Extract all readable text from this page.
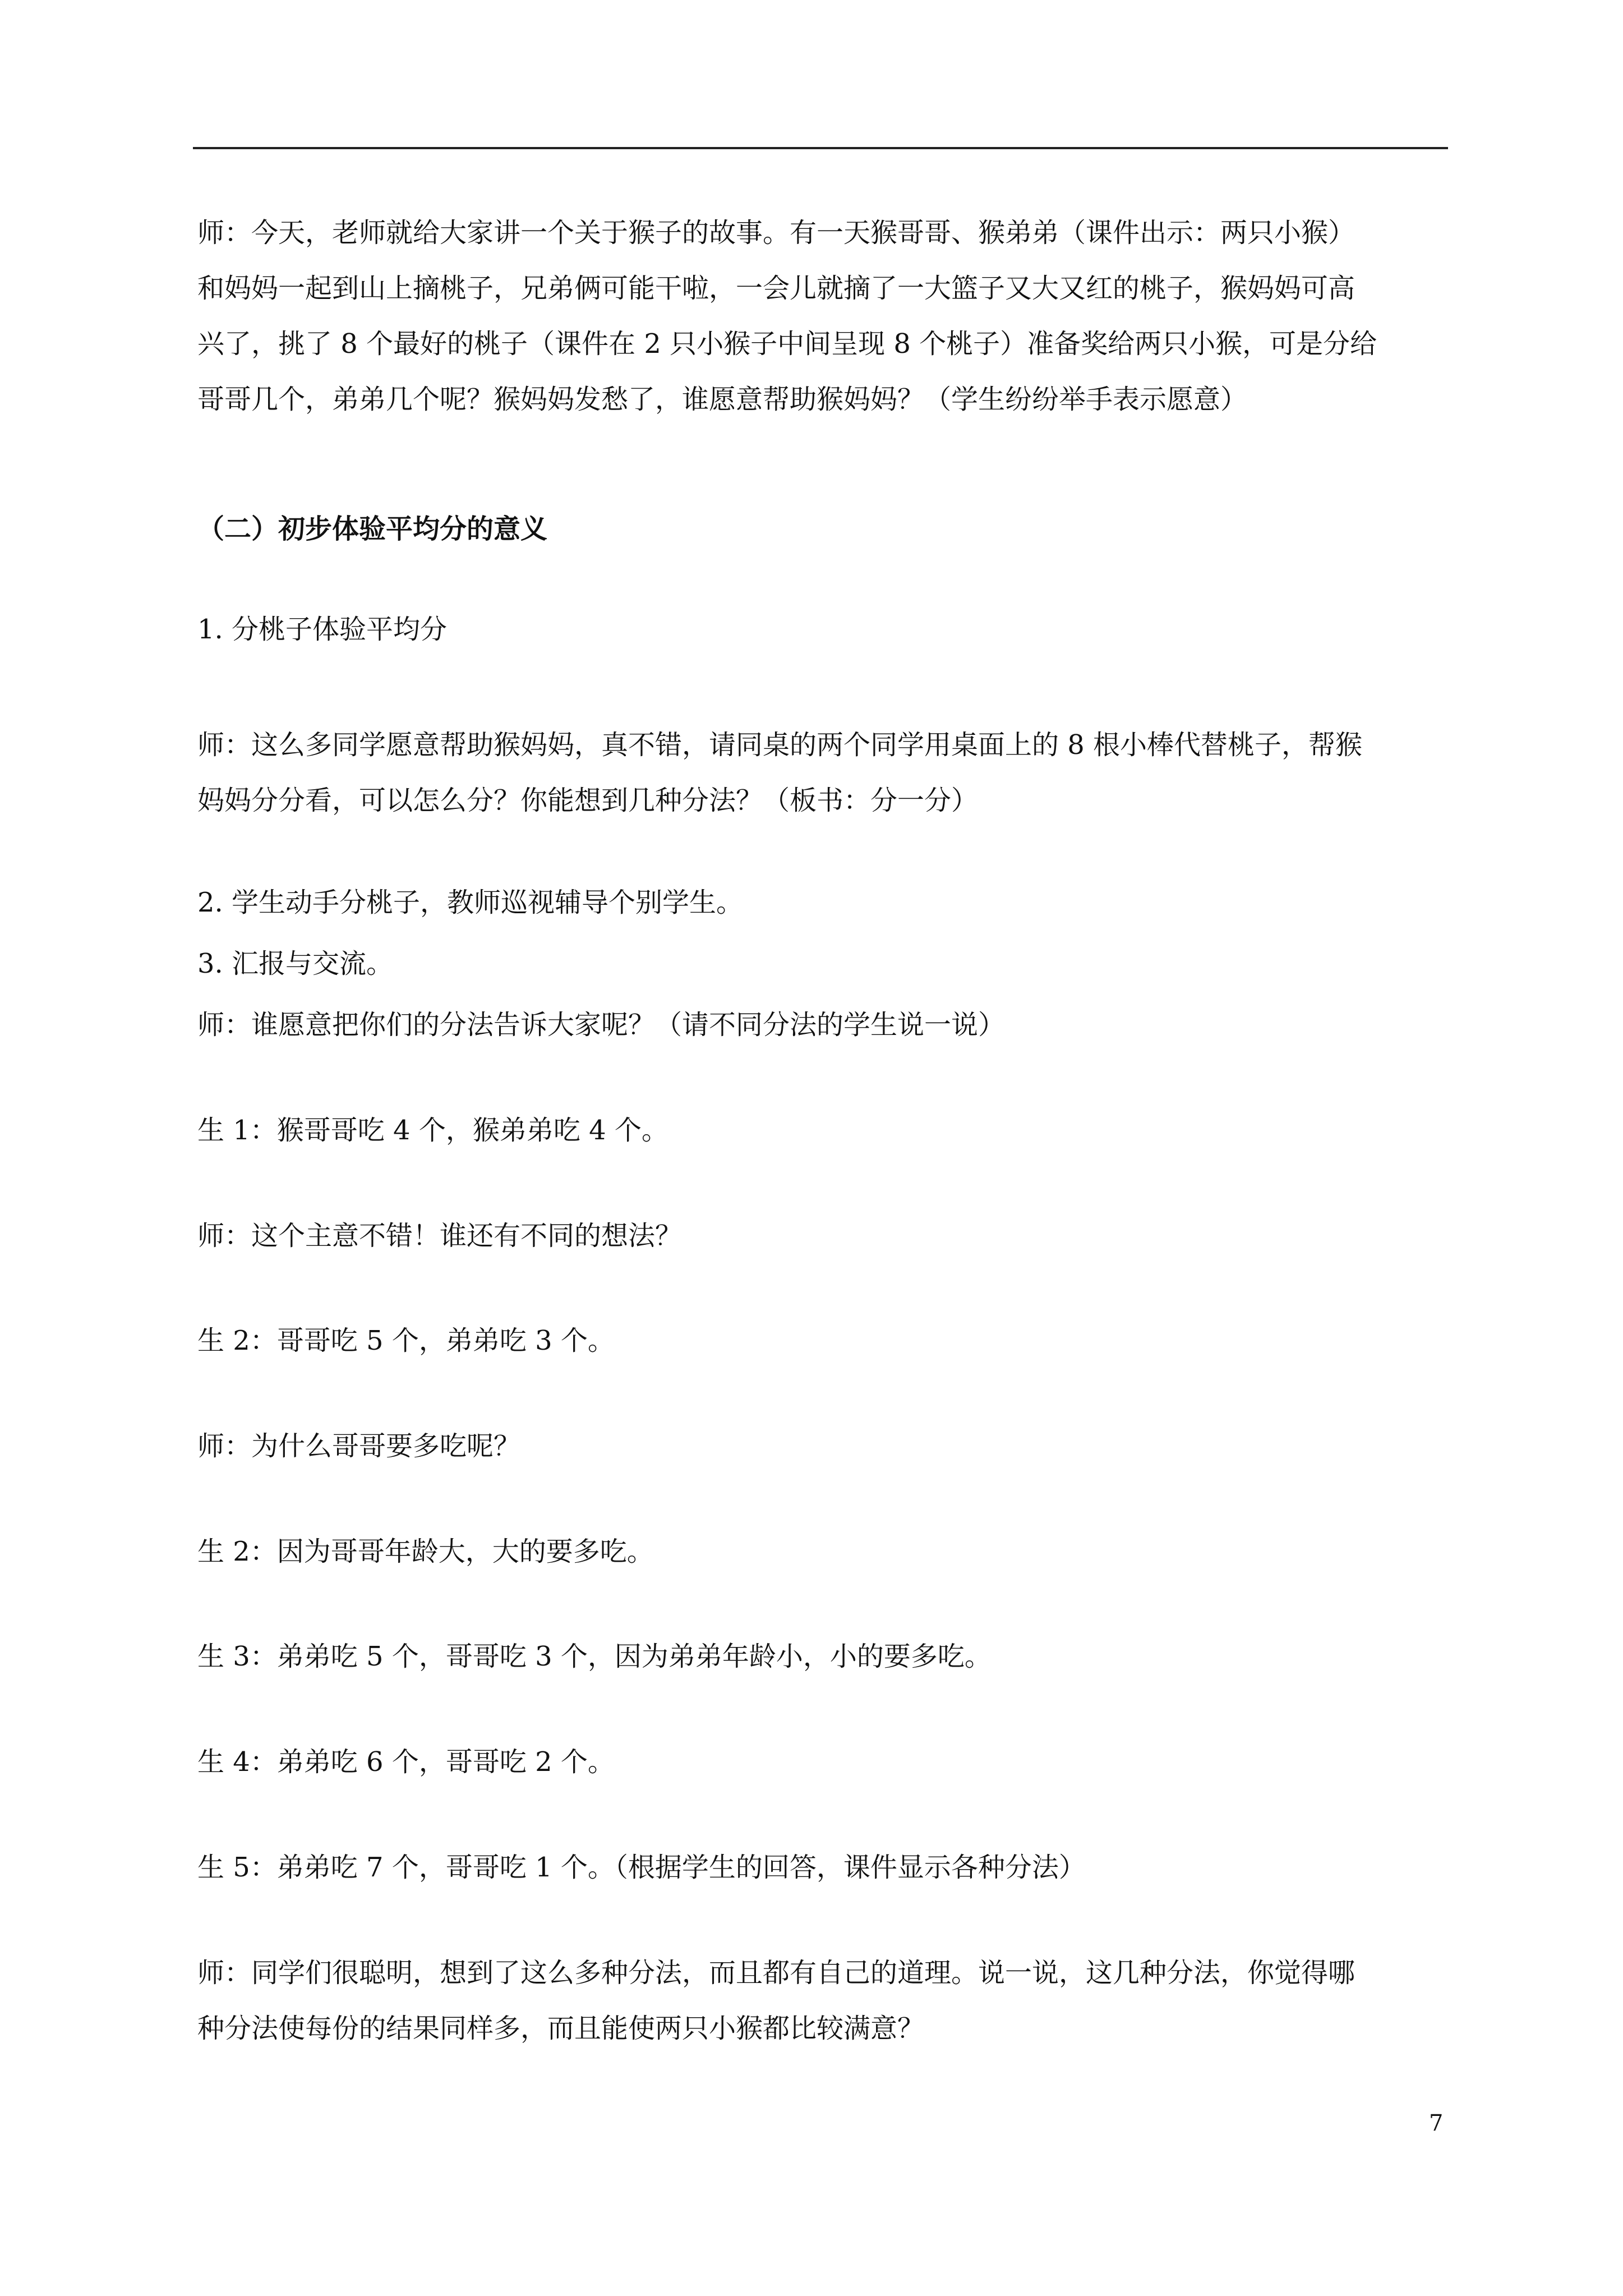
师：今天，老师就给大家讲一个关于猴子的故事。有一天猴哥哥、猴弟弟（课件出示：两只小猴）
和妈妈一起到山上摘桃子，兄弟俩可能干啦，一会儿就摘了一大篮子又大又红的桃子，猴妈妈可高
兴了，挑了 8 个最好的桃子（课件在 2 只小猴子中间呈现 8 个桃子）准备奖给两只小猴，可是分给
哥哥几个，弟弟几个呢？猴妈妈发愁了，谁愿意帮助猴妈妈？（学生纷纷举手表示愿意）
（二）初步体验平均分的意义
1. 分桃子体验平均分
师：这么多同学愿意帮助猴妈妈，真不错，请同桌的两个同学用桌面上的 8 根小棒代替桃子，帮猴
妈妈分分看，可以怎么分？你能想到几种分法？（板书：分一分）
2. 学生动手分桃子，教师巡视辅导个别学生。
3. 汇报与交流。
师：谁愿意把你们的分法告诉大家呢？（请不同分法的学生说一说）
生 1：猴哥哥吃 4 个，猴弟弟吃 4 个。
师：这个主意不错！谁还有不同的想法？
生 2：哥哥吃 5 个，弟弟吃 3 个。
师：为什么哥哥要多吃呢？
生 2：因为哥哥年龄大，大的要多吃。
生 3：弟弟吃 5 个，哥哥吃 3 个，因为弟弟年龄小，小的要多吃。
生 4：弟弟吃 6 个，哥哥吃 2 个。
生 5：弟弟吃 7 个，哥哥吃 1 个。（根据学生的回答，课件显示各种分法）
师：同学们很聪明，想到了这么多种分法，而且都有自己的道理。说一说，这几种分法，你觉得哪
种分法使每份的结果同样多，而且能使两只小猴都比较满意？
7
